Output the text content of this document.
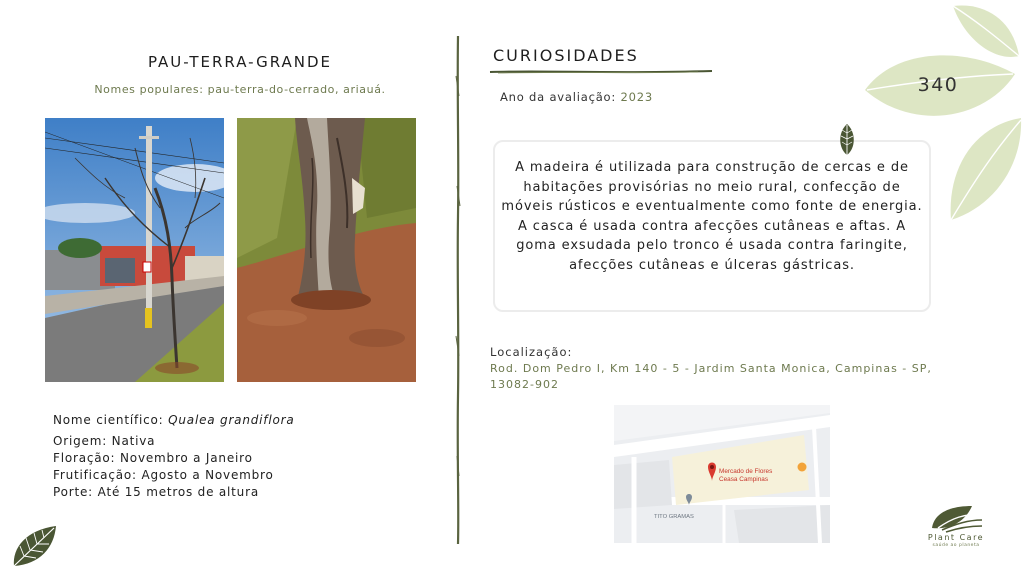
PAU-TERRA-GRANDE
Nomes populares: pau-terra-do-cerrado, ariauá.
Nome científico: Qualea grandiflora
Origem: Nativa
Floração: Novembro a Janeiro
Frutificação: Agosto a Novembro
Porte: Até 15 metros de altura
CURIOSIDADES
Ano da avaliação: 2023
A madeira é utilizada para construção de cercas e de habitações provisórias no meio rural, confecção de móveis rústicos e eventualmente como fonte de energia. A casca é usada contra afecções cutâneas e aftas. A goma exsudada pelo tronco é usada contra faringite, afecções cutâneas e úlceras gástricas.
Localização:
Rod. Dom Pedro I, Km 140 - 5 - Jardim Santa Monica, Campinas - SP, 13082-902
Mercado de Flores
Ceasa Campinas
TITO GRAMAS
340
Plant Care
saúde ao planeta
